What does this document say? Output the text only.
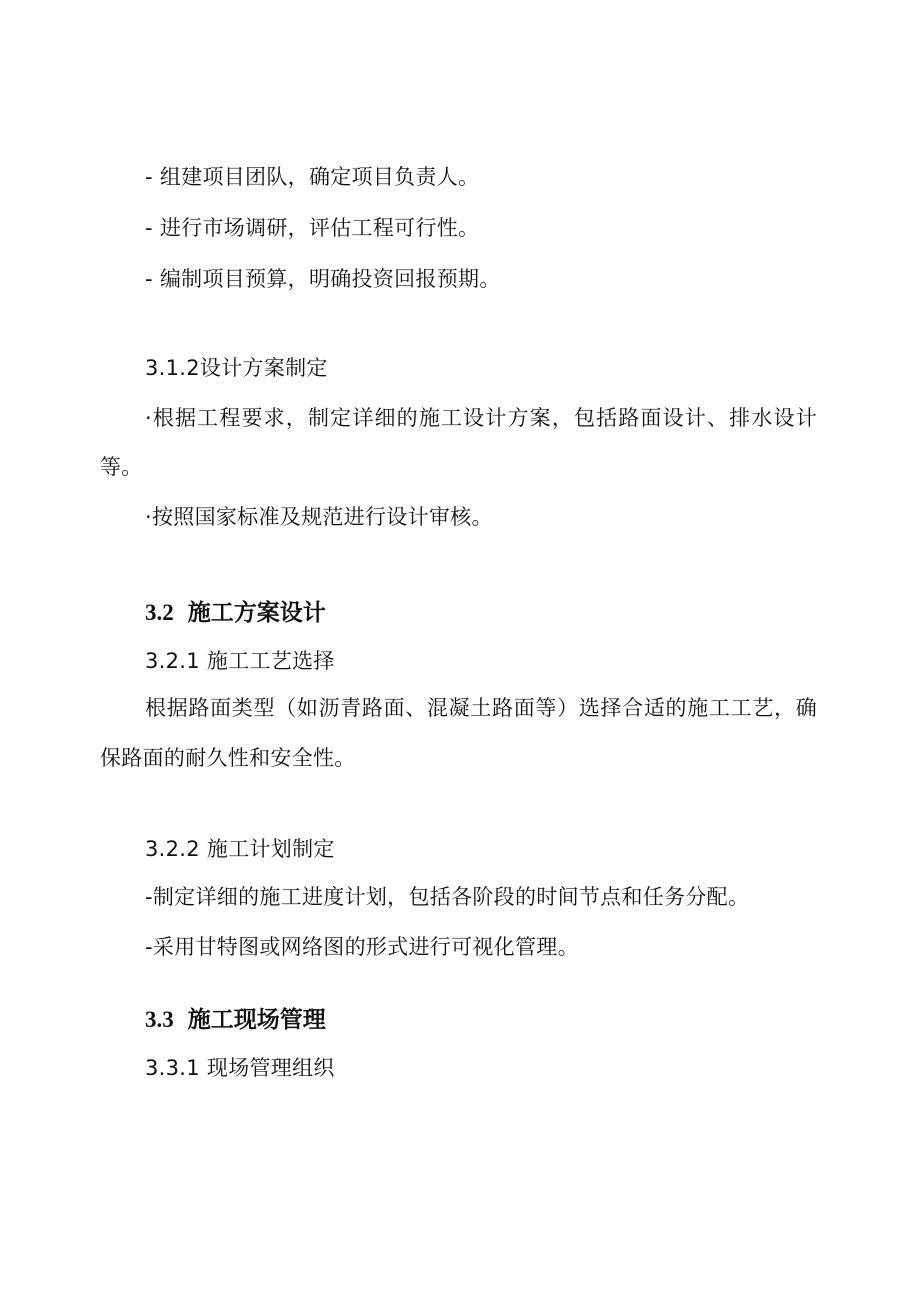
- 组建项目团队，确定项目负责人。
- 进行市场调研，评估工程可行性。
- 编制项目预算，明确投资回报预期。
3.1.2设计方案制定
·根据工程要求，制定详细的施工设计方案，包括路面设计、排水设计
等。
·按照国家标准及规范进行设计审核。
3.2 施工方案设计
3.2.1 施工工艺选择
根据路面类型（如沥青路面、混凝土路面等）选择合适的施工工艺，确
保路面的耐久性和安全性。
3.2.2 施工计划制定
-制定详细的施工进度计划，包括各阶段的时间节点和任务分配。
-采用甘特图或网络图的形式进行可视化管理。
3.3 施工现场管理
3.3.1 现场管理组织
